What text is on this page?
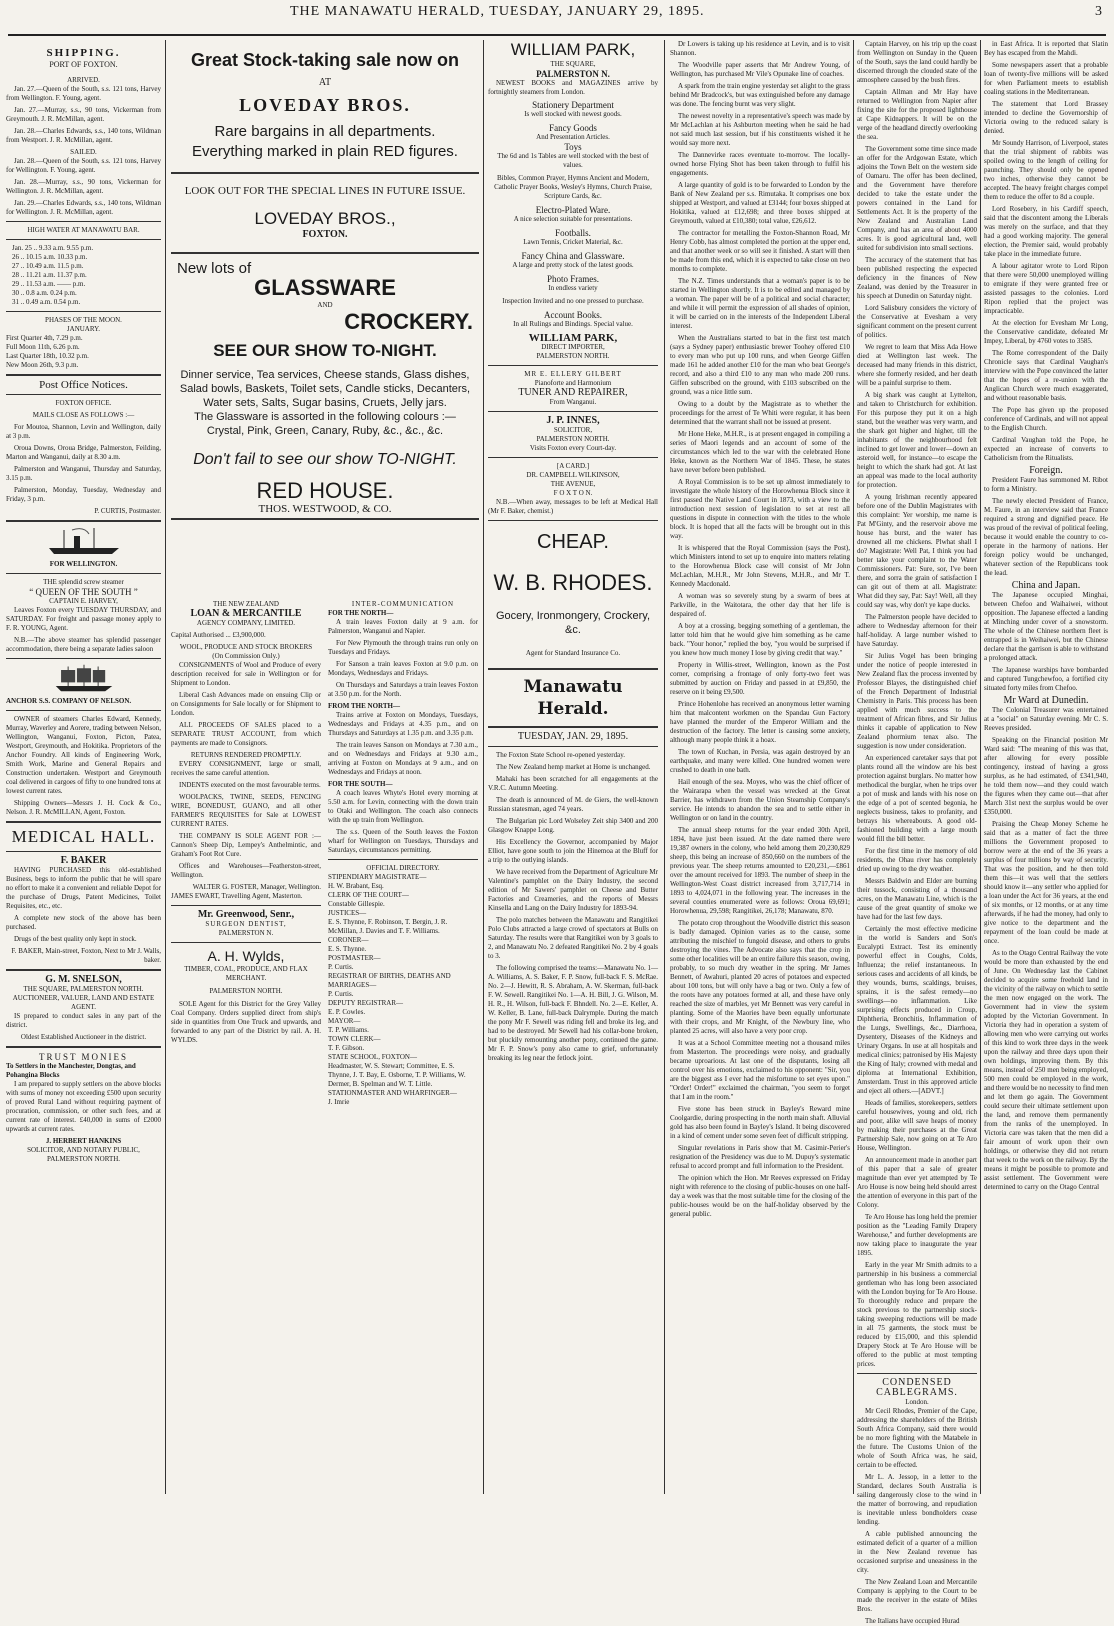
THE MANAWATU HERALD, TUESDAY, JANUARY 29, 1895.	3
SHIPPING.
PORT OF FOXTON.
ARRIVED.

Jan. 27.—Queen of the South, s.s. 121 tons, Harvey from Wellington. F. Young, agent.

Jan. 27.—Murray, s.s., 90 tons, Vickerman from Greymouth. J. R. McMillan, agent.

Jan. 28.—Charles Edwards, s.s., 140 tons, Wildman from Westport. J. R. McMillan, agent.

SAILED.

Jan. 28.—Queen of the South, s.s. 121 tons, Harvey for Wellington. F. Young, agent.

Jan. 28.—Murray, s.s., 90 tons, Vickerman for Wellington. J. R. McMillan, agent.

Jan. 29.—Charles Edwards, s.s., 140 tons, Wildman for Wellington. J. R. McMillan, agent.

HIGH WATER AT MANAWATU BAR.
Jan. 25 .. 9.33 a.m. 9.55 p.m.
26 .. 10.15 a.m. 10.33 p.m.
27 .. 10.49 a.m. 11.5 p.m.
28 .. 11.21 a.m. 11.37 p.m.
29 .. 11.53 a.m. —— p.m.
30 .. 0.8 a.m. 0.24 p.m.
31 .. 0.49 a.m. 0.54 p.m.
PHASES OF THE MOON.
JANUARY.
First Quarter 4th, 7.29 p.m.
Full Moon 11th, 6.26 p.m.
Last Quarter 18th, 10.32 p.m.
New Moon 26th, 9.3 p.m.
Post Office Notices.
FOXTON OFFICE.
MAILS CLOSE AS FOLLOWS :—

For Moutoa, Shannon, Levin and Wellington, daily at 3 p.m.

Oroua Downs, Oroua Bridge, Palmerston, Feilding, Marton and Wanganui, daily at 8.30 a.m.

Palmerston and Wanganui, Thursday and Saturday, 3.15 p.m.

Palmerston, Monday, Tuesday, Wednesday and Friday, 3 p.m.

P. CURTIS, Postmaster.
FOR WELLINGTON.
THE splendid screw steamer
“ QUEEN OF THE SOUTH ”
CAPTAIN E. HARVEY,

Leaves Foxton every TUESDAY THURSDAY, and SATURDAY. For freight and passage money apply to F. R. YOUNG, Agent.

N.B.—The above steamer has splendid passenger accommodation, there being a separate ladies saloon

ANCHOR S.S. COMPANY OF NELSON.

OWNER of steamers Charles Edward, Kennedy, Murray, Waverley and Aorere, trading between Nelson, Wellington, Wanganui, Foxton, Picton, Patea, Westport, Greymouth, and Hokitika. Proprietors of the Anchor Foundry. All kinds of Engineering Work, Smith Work, Marine and General Repairs and Construction undertaken. Westport and Greymouth coal delivered in cargoes of fifty to one hundred tons at lowest current rates.

Shipping Owners—Messrs J. H. Cock & Co., Nelson. J. R. McMILLAN, Agent, Foxton.

MEDICAL HALL.
F. BAKER

HAVING PURCHASED this old-established Business, begs to inform the public that he will spare no effort to make it a convenient and reliable Depot for the purchase of Drugs, Patent Medicines, Toilet Requisites, etc., etc.

A complete new stock of the above has been purchased.

Drugs of the best quality only kept in stock.

F. BAKER, Main-street, Foxton, Next to Mr J. Walls, baker.
G. M. SNELSON,
THE SQUARE, PALMERSTON NORTH.
AUCTIONEER, VALUER, LAND AND ESTATE AGENT.

IS prepared to conduct sales in any part of the district.

Oldest Established Auctioneer in the district.
TRUST MONIES
To Settlers in the Manchester, Dongtas, and Pohangina Blocks

I am prepared to supply settlers on the above blocks with sums of money not exceeding £500 upon security of proved Rural Land without requiring payment of procuration, commission, or other such fees, and at current rate of interest. £40,000 in sums of £2000 upwards at current rates.

J. HERBERT HANKINS
SOLICITOR, AND NOTARY PUBLIC,
PALMERSTON NORTH.
Great Stock-taking sale now on
AT
LOVEDAY BROS.
Rare bargains in all departments.
Everything marked in plain RED figures.
LOOK OUT FOR THE SPECIAL LINES IN FUTURE ISSUE.
LOVEDAY BROS.,
FOXTON.
New lots of
GLASSWARE
AND
CROCKERY.
SEE OUR SHOW TO-NIGHT.
Dinner service, Tea services, Cheese stands, Glass dishes, Salad bowls, Baskets, Toilet sets, Candle sticks, Decanters, Water sets, Salts, Sugar basins, Cruets, Jelly jars.
The Glassware is assorted in the following colours :— Crystal, Pink, Green, Canary, Ruby, &c., &c., &c.
Don't fail to see our show TO-NIGHT.
RED HOUSE.
THOS. WESTWOOD, & CO.
THE NEW ZEALAND
LOAN & MERCANTILE
AGENCY COMPANY, LIMITED.
Capital Authorised ... £3,900,000.
WOOL, PRODUCE AND STOCK BROKERS
(On Commission Only.)

CONSIGNMENTS of Wool and Produce of every description received for sale in Wellington or for Shipment to London.

Liberal Cash Advances made on ensuing Clip or on Consignments for Sale locally or for Shipment to London.

ALL PROCEEDS OF SALES placed to a SEPARATE TRUST ACCOUNT, from which payments are made to Consignors.

RETURNS RENDERED PROMPTLY.

EVERY CONSIGNMENT, large or small, receives the same careful attention.

INDENTS executed on the most favourable terms.

WOOLPACKS, TWINE, SEEDS, FENCING WIRE, BONEDUST, GUANO, and all other FARMER'S REQUISITES for Sale at LOWEST CURRENT RATES.

THE COMPANY IS SOLE AGENT FOR :—Cannon's Sheep Dip, Lempey's Anthelmintic, and Graham's Foot Rot Cure.

Offices and Warehouses—Featherston-street, Wellington.

WALTER G. FOSTER, Manager, Wellington.
JAMES EWART, Travelling Agent, Masterton.
Mr. Greenwood, Senr.,
SURGEON DENTIST,
PALMERSTON N.
A. H. Wylds,
TIMBER, COAL, PRODUCE, AND FLAX MERCHANT.
PALMERSTON NORTH.

SOLE Agent for this District for the Grey Valley Coal Company. Orders supplied direct from ship's side in quantities from One Truck and upwards, and forwarded to any part of the District by rail. A. H. WYLDS.

INTER-COMMUNICATION
FOR THE NORTH—

A train leaves Foxton daily at 9 a.m. for Palmerston, Wanganui and Napier.

For New Plymouth the through trains run only on Tuesdays and Fridays.

For Sanson a train leaves Foxton at 9.0 p.m. on Mondays, Wednesdays and Fridays.

On Thursdays and Saturdays a train leaves Foxton at 3.50 p.m. for the North.

FROM THE NORTH—

Trains arrive at Foxton on Mondays, Tuesdays, Wednesdays and Fridays at 4.35 p.m., and on Thursdays and Saturdays at 1.35 p.m. and 3.35 p.m.

The train leaves Sanson on Mondays at 7.30 a.m., and on Wednesdays and Fridays at 9.30 a.m., arriving at Foxton on Mondays at 9 a.m., and on Wednesdays and Fridays at noon.

FOR THE SOUTH—

A coach leaves Whyte's Hotel every morning at 5.50 a.m. for Levin, connecting with the down train to Otaki and Wellington. The coach also connects with the up train from Wellington.

The s.s. Queen of the South leaves the Foxton wharf for Wellington on Tuesdays, Thursdays and Saturdays, circumstances permitting.

OFFICIAL DIRECTORY.
STIPENDIARY MAGISTRATE—
H. W. Brabant, Esq.
CLERK OF THE COURT—
Constable Gillespie.
JUSTICES—
E. S. Thynne, F. Robinson, T. Bergin, J. R. McMillan, J. Davies and T. F. Williams.
CORONER—
E. S. Thynne.
POSTMASTER—
P. Curtis.
REGISTRAR OF BIRTHS, DEATHS AND MARRIAGES—
P. Curtis.
DEPUTY REGISTRAR—
E. P. Cowles.
MAYOR—
T. P. Williams.
TOWN CLERK—
T. F. Gibson.
STATE SCHOOL, FOXTON—
Headmaster, W. S. Stewart; Committee, E. S. Thynne, J. T. Bay, E. Osborne, T. P. Williams, W. Dermer, B. Spelman and W. T. Little.
STATIONMASTER AND WHARFINGER—
J. Imrie
WILLIAM PARK,
THE SQUARE,
PALMERSTON N.

NEWEST BOOKS and MAGAZINES arrive by fortnightly steamers from London.

Stationery Department
Is well stocked with newest goods.
Fancy Goods
And Presentation Articles.
Toys
The 6d and 1s Tables are well stocked with the best of values.
Bibles, Common Prayer, Hymns Ancient and Modern, Catholic Prayer Books, Wesley's Hymns, Church Praise, Scripture Cards, &c.
Electro-Plated Ware.
A nice selection suitable for presentations.
Footballs.
Lawn Tennis, Cricket Material, &c.
Fancy China and Glassware.
A large and pretty stock of the latest goods.
Photo Frames.
In endless variety
Inspection Invited and no one pressed to purchase.
Account Books.
In all Rulings and Bindings. Special value.
WILLIAM PARK,
DIRECT IMPORTER,
PALMERSTON NORTH.
MR E. ELLERY GILBERT
Pianoforte and Harmonium
TUNER AND REPAIRER,
From Wanganui.
J. P. INNES,
SOLICITOR,
PALMERSTON NORTH.
Visits Foxton every Court-day.
[A CARD.]
DR. CAMPBELL WILKINSON,
THE AVENUE,
F O X T O N.

N.B.—When away, messages to be left at Medical Hall (Mr F. Baker, chemist.)

CHEAP.
W. B. RHODES.
Gocery, Ironmongery, Crockery, &c.
Agent for Standard Insurance Co.
Manawatu Herald.
TUESDAY, JAN. 29, 1895.

The Foxton State School re-opened yesterday.

The New Zealand hemp market at Home is unchanged.

Mahaki has been scratched for all engagements at the V.R.C. Autumn Meeting.

The death is announced of M. de Giers, the well-known Russian statesman, aged 74 years.

The Bulgarian pic Lord Wolseley Zeit ship 3400 and 200 Glasgow Knappe Long.

His Excellency the Governor, accompanied by Major Elliot, have gone south to join the Hinemoa at the Bluff for a trip to the outlying islands.

We have received from the Department of Agriculture Mr Valentine's pamphlet on the Dairy Industry, the second edition of Mr Sawers' pamphlet on Cheese and Butter Factories and Creameries, and the reports of Messrs Kinsella and Lang on the Dairy Industry for 1893-94.

The polo matches between the Manawatu and Rangitikei Polo Clubs attracted a large crowd of spectators at Bulls on Saturday. The results were that Rangitikei won by 3 goals to 2, and Manawatu No. 2 defeated Rangitikei No. 2 by 4 goals to 3.

The following comprised the teams:—Manawatu No. 1—A. Williams, A. S. Baker, F. P. Snow, full-back F. S. McRae. No. 2—J. Hewitt, R. S. Abraham, A. W. Skerman, full-back F. W. Sewell. Rangitikei No. 1—A. H. Bill, J. G. Wilson, M. H. R., H. Wilson, full-back F. Bhndell. No. 2—E. Keller, A. W. Keller, B. Lane, full-back Dalrymple. During the match the pony Mr F. Sewell was riding fell and broke its leg, and had to be destroyed. Mr Sewell had his collar-bone broken, but pluckily remounting another pony, continued the game. Mr F. P. Snow's pony also came to grief, unfortunately breaking its leg near the fetlock joint.

Dr Lowers is taking up his residence at Levin, and is to visit Shannon.

The Woodville paper asserts that Mr Andrew Young, of Wellington, has purchased Mr Vile's Opunake line of coaches.

A spark from the train engine yesterday set alight to the grass behind Mr Bradcock's, but was extinguished before any damage was done. The fencing burnt was very slight.

The newest novelty in a representative's speech was made by Mr McLachlan at his Ashburton meeting when he said he had not said much last session, but if his constituents wished it he would say more next.

The Dannevirke races eventuate to-morrow. The locally-owned horse Flying Shot has been taken through to fulfil his engagements.

A large quantity of gold is to be forwarded to London by the Bank of New Zealand per s.s. Rimutaka. It comprises one box shipped at Westport, and valued at £3144; four boxes shipped at Hokitika, valued at £12,698; and three boxes shipped at Greymouth, valued at £10,380; total value, £26,612.

The contractor for metalling the Foxton-Shannon Road, Mr Henry Cobb, has almost completed the portion at the upper end, and that another week or so will see it finished. A start will then be made from this end, which it is expected to take close on two months to complete.

The N.Z. Times understands that a woman's paper is to be started in Wellington shortly. It is to be edited and managed by a woman. The paper will be of a political and social character; and while it will permit the expression of all shades of opinion, it will be carried on in the interests of the Independent Liberal interest.

When the Australians started to bat in the first test match (says a Sydney paper) enthusiastic brewer Toohey offered £10 to every man who put up 100 runs, and when George Giffen made 161 he added another £10 for the man who beat George's record, and also a third £10 to any man who made 200 runs. Giffen subscribed on the ground, with £103 subscribed on the ground, was a nice little sum.

Owing to a doubt by the Magistrate as to whether the proceedings for the arrest of Te Whiti were regular, it has been determined that the warrant shall not be issued at present.

Mr Hone Heke, M.H.R., is at present engaged in compiling a series of Maori legends and an account of some of the circumstances which led to the war with the celebrated Hone Heke, known as the Northern War of 1845. These, he states have never before been published.

A Royal Commission is to be set up almost immediately to investigate the whole history of the Horowhenua Block since it first passed the Native Land Court in 1873, with a view to the introduction next session of legislation to set at rest all questions in dispute in connection with the titles to the whole block. It is hoped that all the facts will be brought out in this way.

It is whispered that the Royal Commission (says the Post), which Ministers intend to set up to enquire into matters relating to the Horowhenua Block case will consist of Mr John McLachlan, M.H.R., Mr John Stevens, M.H.R., and Mr T. Kennedy Macdonald.

A woman was so severely stung by a swarm of bees at Parkville, in the Waitotara, the other day that her life is despaired of.

A boy at a crossing, begging something of a gentleman, the latter told him that he would give him something as he came back. "Your honor," replied the boy, "you would be surprised if you knew how much money I lose by giving credit that way."

Property in Willis-street, Wellington, known as the Post corner, comprising a frontage of only forty-two feet was submitted by auction on Friday and passed in at £9,850, the reserve on it being £9,500.

Prince Hohenlohe has received an anonymous letter warning him that malcontent workmen on the Spandau Gun Factory have planned the murder of the Emperor William and the destruction of the factory. The letter is causing some anxiety, although many people think it a hoax.

The town of Kuchan, in Persia, was again destroyed by an earthquake, and many were killed. One hundred women were crushed to death in one bath.

Hail enough of the sea. Moyes, who was the chief officer of the Wairarapa when the vessel was wrecked at the Great Barrier, has withdrawn from the Union Steamship Company's service. He intends to abandon the sea and to settle either in Wellington or on land in the country.

The annual sheep returns for the year ended 30th April, 1894, have just been issued. At the date named there were 19,387 owners in the colony, who held among them 20,230,829 sheep, this being an increase of 850,660 on the numbers of the previous year. The sheep returns amounted to £20,231,—£861 over the amount received for 1893. The number of sheep in the Wellington-West Coast district increased from 3,717,714 in 1893 to 4,024,071 in the following year. The increases in the several counties enumerated were as follows: Oroua 69,691; Horowhenua, 29,598; Rangitikei, 26,178; Manawatu, 870.

The potato crop throughout the Woodville district this season is badly damaged. Opinion varies as to the cause, some attributing the mischief to fungoid disease, and others to grubs destroying the vines. The Advocate also says that the crop in some other localities will be an entire failure this season, owing, probably, to so much dry weather in the spring. Mr James Bennett, of Awahuri, planted 20 acres of potatoes and expected about 100 tons, but will only have a bag or two. Only a few of the roots have any potatoes formed at all, and these have only reached the size of marbles, yet Mr Bennett was very careful in planting. Some of the Maories have been equally unfortunate with their crops, and Mr Knight, of the Newbury line, who planted 25 acres, will also have a very poor crop.

It was at a School Committee meeting not a thousand miles from Masterton. The proceedings were noisy, and gradually became uproarious. At last one of the disputants, losing all control over his emotions, exclaimed to his opponent: "Sir, you are the biggest ass I ever had the misfortune to set eyes upon." "Order! Order!" exclaimed the chairman, "you seem to forget that I am in the room."

Five stone has been struck in Bayley's Reward mine Coolgardie, during prospecting in the north main shaft. Alluvial gold has also been found in Bayley's Island. It being discovered in a kind of cement under some seven feet of difficult stripping.

Singular revelations in Paris show that M. Casimir-Perier's resignation of the Presidency was due to M. Dupuy's systematic refusal to accord prompt and full information to the President.

The opinion which the Hon. Mr Reeves expressed on Friday night with reference to the closing of public-houses on one half-day a week was that the most suitable time for the closing of the public-houses would be on the half-holiday observed by the general public.

Captain Harvey, on his trip up the coast from Wellington on Sunday in the Queen of the South, says the land could hardly be discerned through the clouded state of the atmosphere caused by the bush fires.

Captain Allman and Mr Hay have returned to Wellington from Napier after fixing the site for the proposed lighthouse at Cape Kidnappers. It will be on the verge of the headland directly overlooking the sea.

The Government some time since made an offer for the Ardgowan Estate, which adjoins the Town Belt on the western side of Oamaru. The offer has been declined, and the Government have therefore decided to take the estate under the powers contained in the Land for Settlements Act. It is the property of the New Zealand and Australian Land Company, and has an area of about 4000 acres. It is good agricultural land, well suited for subdivision into small sections.

The accuracy of the statement that has been published respecting the expected deficiency in the finances of New Zealand, was denied by the Treasurer in his speech at Dunedin on Saturday night.

Lord Salisbury considers the victory of the Conservative at Evesham a very significant comment on the present current of politics.

We regret to learn that Miss Ada Howe died at Wellington last week. The deceased had many friends in this district, where she formerly resided, and her death will be a painful surprise to them.

A big shark was caught at Lyttelton, and taken to Christchurch for exhibition. For this purpose they put it on a high stand, but the weather was very warm, and the shark got higher and higher, till the inhabitants of the neighbourhood felt inclined to get lower and lower—down an asteroid well, for instance—to escape the height to which the shark had got. At last an appeal was made to the local authority for protection.

A young Irishman recently appeared before one of the Dublin Magistrates with this complaint: Yer worship, me name is Pat M'Ginty, and the reservoir above me house has burst, and the water has drowned all me chickens. Plwhat shall I do? Magistrate: Well Pat, I think you had better take your complaint to the Water Commissioners. Pat: Sure, sor, I've been there, and sorra the grain of satisfaction I can git out of them at all. Magistrate: What did they say, Pat: Say! Well, all they could say was, why don't ye kape ducks.

The Palmerston people have decided to adhere to Wednesday afternoon for their half-holiday. A large number wished to have Saturday.

Sir Julius Vogel has been bringing under the notice of people interested in New Zealand flax the process invented by Professor Blayes, the distinguished chief of the French Department of Industrial Chemistry in Paris. This process has been applied with much success to the treatment of African fibres, and Sir Julius thinks it capable of application to New Zealand phormium tenax also. The suggestion is now under consideration.

An experienced caretaker says that pot plants round all the window are his best protection against burglars. No matter how methodical the burglar, when he trips over a pot of musk and lands with his nose on the edge of a pot of scented begonia, he neglects business, takes to profanity, and betrays his whereabouts. A good old-fashioned building with a large mouth would fill the bill better.

For the first time in the memory of old residents, the Ohau river has completely dried up owing to the dry weather.

Messrs Baldwin and Elder are burning their tussock, consisting of a thousand acres, on the Manawatu Line, which is the cause of the great quantity of smoke we have had for the last few days.

Certainly the most effective medicine in the world is Sanders and Son's Eucalypti Extract. Test its eminently powerful effect in Coughs, Colds, Influenza; the relief instantaneous. In serious cases and accidents of all kinds, be they wounds, burns, scaldings, bruises, sprains, it is the safest remedy—no swellings—no inflammation. Like surprising effects produced in Croup, Diphtheria, Bronchitis, Inflammation of the Lungs, Swellings, &c., Diarrhoea, Dysentery, Diseases of the Kidneys and Urinary Organs. In use at all hospitals and medical clinics; patronised by His Majesty the King of Italy; crowned with medal and diploma at International Exhibition, Amsterdam. Trust in this approved article and eject all others.—[ADVT.]

Heads of families, storekeepers, settlers careful housewives, young and old, rich and poor, alike will save heaps of money by making their purchases at the Great Partnership Sale, now going on at Te Aro House, Wellington.

An announcement made in another part of this paper that a sale of greater magnitude than ever yet attempted by Te Aro House is now being held should arrest the attention of everyone in this part of the Colony.

Te Aro House has long held the premier position as the "Leading Family Drapery Warehouse," and further developments are now taking place to inaugurate the year 1895.

Early in the year Mr Smith admits to a partnership in his business a commercial gentleman who has long been associated with the London buying for Te Aro House. To thoroughly reduce and prepare the stock previous to the partnership stock-taking sweeping reductions will be made in all 75 garments, the stock must be reduced by £15,000, and this splendid Drapery Stock at Te Aro House will be offered to the public at most tempting prices.

CONDENSED CABLEGRAMS.
London.

Mr Cecil Rhodes, Premier of the Cape, addressing the shareholders of the British South Africa Company, said there would be no more fighting with the Matabele in the future. The Customs Union of the whole of South Africa was, he said, certain to be effected.

Mr L. A. Jessop, in a letter to the Standard, declares South Australia is sailing dangerously close to the wind in the matter of borrowing, and repudiation is inevitable unless bondholders cease lending.

A cable published announcing the estimated deficit of a quarter of a million in the New Zealand revenue has occasioned surprise and uneasiness in the city.

The New Zealand Loan and Mercantile Company is applying to the Court to be made the receiver in the estate of Miles Bros.

The Italians have occupied Hurad

in East Africa. It is reported that Slatin Bey has escaped from the Mahdi.

Some newspapers assert that a probable loan of twenty-five millions will be asked for when Parliament meets to establish coaling stations in the Mediterranean.

The statement that Lord Brassey intended to decline the Governorship of Victoria owing to the reduced salary is denied.

Mr Soundy Harrison, of Liverpool, states that the trial shipment of rabbits was spoiled owing to the length of ceiling for paunching. They should only be opened two inches, otherwise they cannot be accepted. The heavy freight charges compel them to reduce the offer to 8d a couple.

Lord Rosebery, in his Cardiff speech, said that the discontent among the Liberals was merely on the surface, and that they had a good working majority. The general election, the Premier said, would probably take place in the immediate future.

A labour agitator wrote to Lord Ripon that there were 50,000 unemployed willing to emigrate if they were granted free or assisted passages to the colonies. Lord Ripon replied that the project was impracticable.

At the election for Evesham Mr Long, the Conservative candidate, defeated Mr Impey, Liberal, by 4760 votes to 3585.

The Rome correspondent of the Daily Chronicle says that Cardinal Vaughan's interview with the Pope convinced the latter that the hopes of a re-union with the Anglican Church were much exaggerated, and without reasonable basis.

The Pope has given up the proposed conference of Cardinals, and will not appeal to the English Church.

Cardinal Vaughan told the Pope, he expected an increase of converts to Catholicism from the Ritualists.

Foreign.

President Faure has summoned M. Ribot to form a Ministry.

The newly elected President of France, M. Faure, in an interview said that France required a strong and dignified peace. He was proud of the revival of political feeling, because it would enable the country to co-operate in the harmony of nations. Her foreign policy would be unchanged, whatever section of the Republicans took the lead.

China and Japan.

The Japanese occupied Minghai, between Chefoo and Waihaiwei, without opposition. The Japanese effected a landing at Minching under cover of a snowstorm. The whole of the Chinese northern fleet is entrapped is in Weihaiwei, but the Chinese declare that the garrison is able to withstand a prolonged attack.

The Japanese warships have bombarded and captured Tungchewfoo, a fortified city situated forty miles from Chefoo.

Mr Ward at Dunedin.

The Colonial Treasurer was entertained at a "social" on Saturday evening. Mr C. S. Reeves presided.

Speaking on the Financial position Mr Ward said: "The meaning of this was that, after allowing for every possible contingency, instead of having a gross surplus, as he had estimated, of £341,940, he told them now—and they could watch the figures when they came out—that after March 31st next the surplus would be over £350,000.

Praising the Cheap Money Scheme he said that as a matter of fact the three millions the Government proposed to borrow were at the end of the 36 years a surplus of four millions by way of security. That was the position, and he then told them this—it was well that the settlers should know it—any settler who applied for a loan under the Act for 36 years, at the end of six months, or 12 months, or at any time afterwards, if he had the money, had only to give notice to the department and the repayment of the loan could be made at once.

As to the Otago Central Railway the vote would be more than exhausted by the end of June. On Wednesday last the Cabinet decided to acquire some freehold land in the vicinity of the railway on which to settle the men now engaged on the work. The Government had in view the system adopted by the Victorian Government. In Victoria they had in operation a system of allowing men who were carrying out works of this kind to work three days in the week upon the railway and three days upon their own holdings, improving them. By this means, instead of 250 men being employed, 500 men could be employed in the work, and there would be no necessity to find men and let them go again. The Government could secure their ultimate settlement upon the land, and remove them permanently from the ranks of the unemployed. In Victoria care was taken that the men did a fair amount of work upon their own holdings, or otherwise they did not return that week to the work on the railway. By the means it might be possible to promote and assist settlement. The Government were determined to carry on the Otago Central
